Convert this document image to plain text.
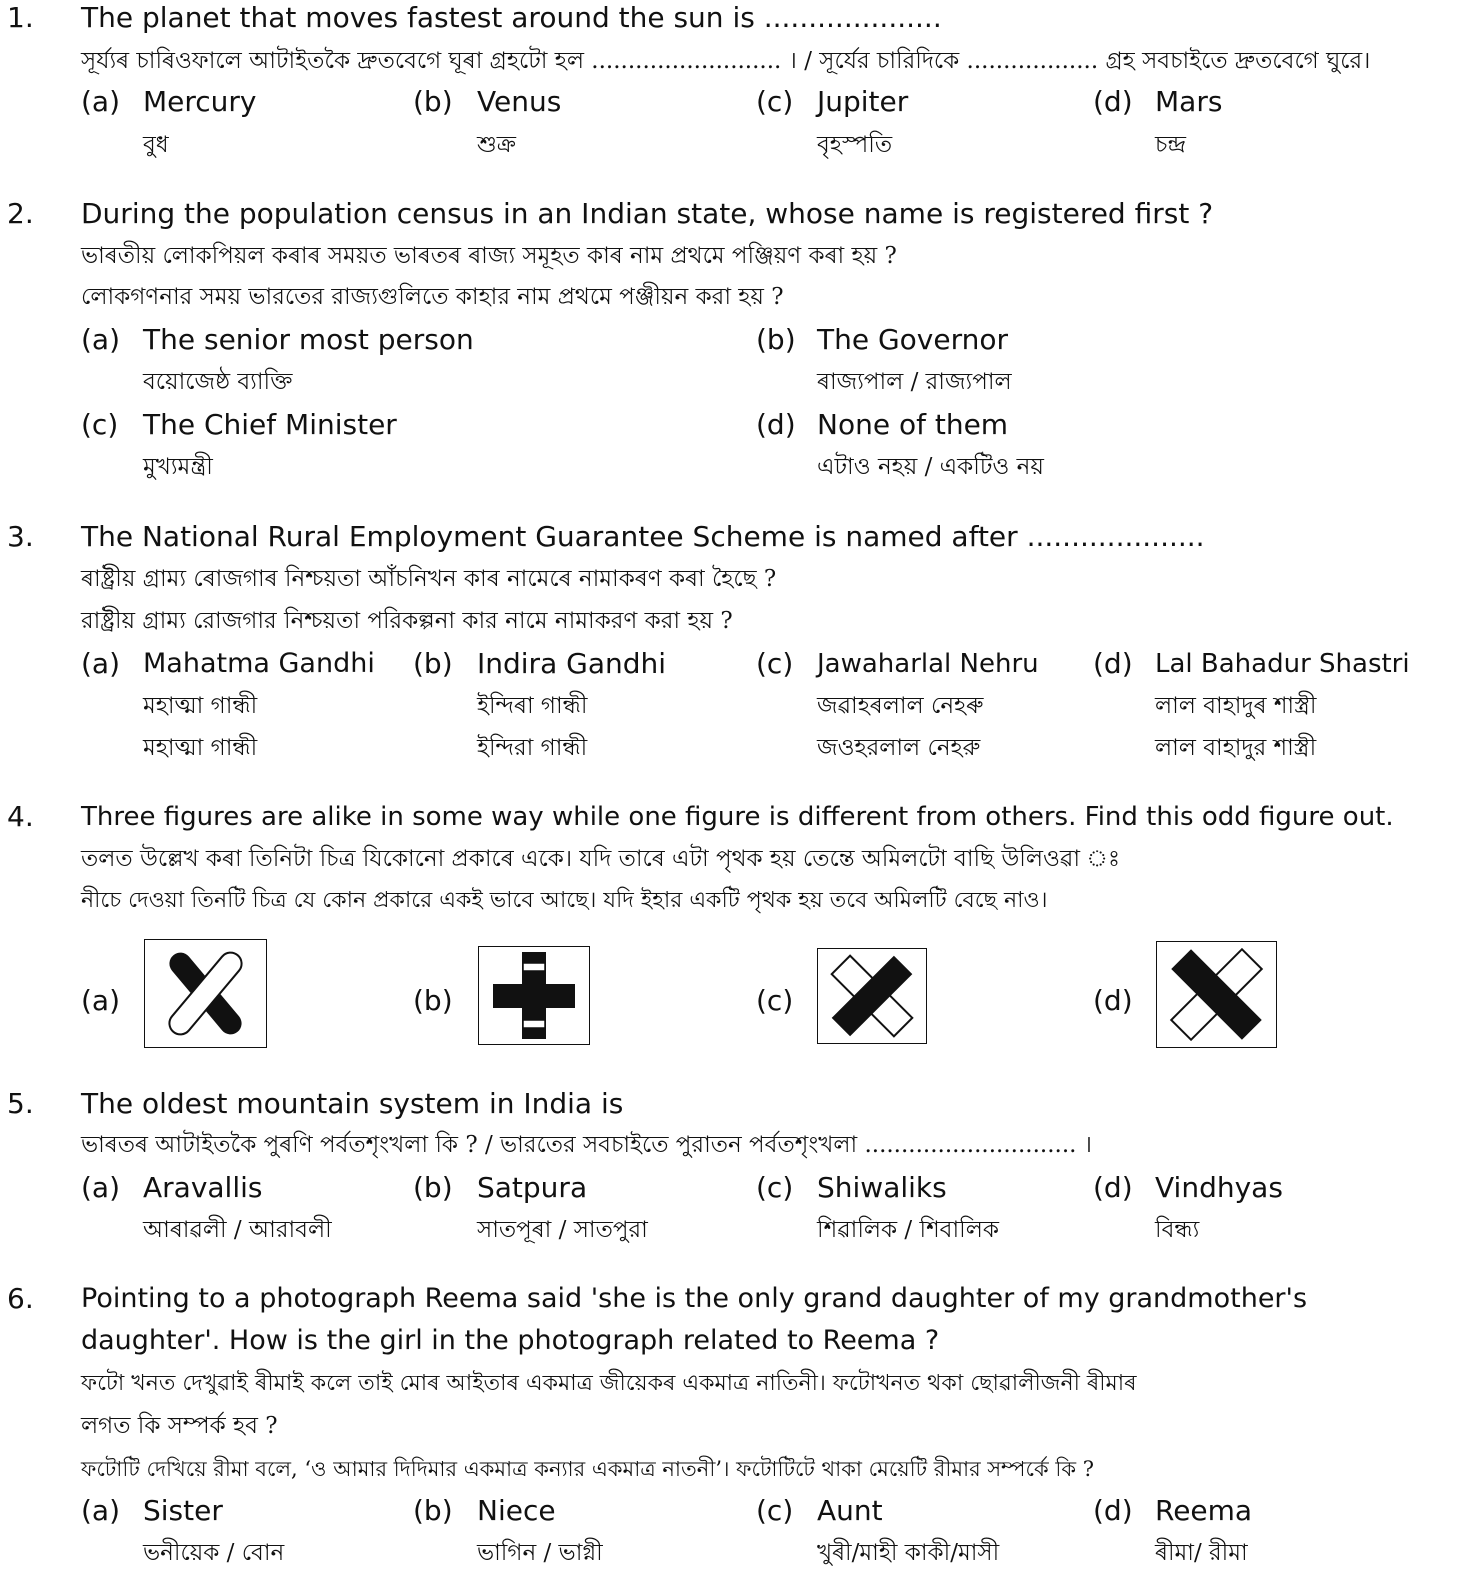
1. The planet that moves fastest around the sun is ....................
সূৰ্য্যৰ চাৰিওফালে আটাইতকৈ দ্ৰুতবেগে ঘূৰা গ্ৰহটো হল .......................... । / সূর্যের চারিদিকে .................. গ্রহ সবচাইতে দ্রুতবেগে ঘুরে।
(a) Mercury
বুধ
(b) Venus
শুক্র
(c) Jupiter
বৃহস্পতি
(d) Mars
চন্দ্র
2. During the population census in an Indian state, whose name is registered first ?
ভাৰতীয় লোকপিয়ল কৰাৰ সময়ত ভাৰতৰ ৰাজ্য সমূহত কাৰ নাম প্ৰথমে পঞ্জিয়ণ কৰা হয় ?
লোকগণনার সময় ভারতের রাজ্যগুলিতে কাহার নাম প্রথমে পঞ্জীয়ন করা হয় ?
(a) The senior most person
বয়োজেষ্ঠ ব্যাক্তি
(b) The Governor
ৰাজ্যপাল / রাজ্যপাল
(c) The Chief Minister
মুখ্যমন্ত্ৰী
(d) None of them
এটাও নহয় / একটিও নয়
3. The National Rural Employment Guarantee Scheme is named after ....................
ৰাষ্ট্ৰীয় গ্ৰাম্য ৰোজগাৰ নিশ্চয়তা আঁচনিখন কাৰ নামেৰে নামাকৰণ কৰা হৈছে ?
রাষ্ট্রীয় গ্রাম্য রোজগার নিশ্চয়তা পরিকল্পনা কার নামে নামাকরণ করা হয় ?
(a) Mahatma Gandhi
মহাত্মা গান্ধী
মহাত্মা গান্ধী
(b) Indira Gandhi
ইন্দিৰা গান্ধী
ইন্দিরা গান্ধী
(c) Jawaharlal Nehru
জৱাহৰলাল নেহৰু
জওহরলাল নেহরু
(d) Lal Bahadur Shastri
লাল বাহাদুৰ শাস্ত্ৰী
লাল বাহাদুর শাস্ত্রী
4. Three figures are alike in some way while one figure is different from others. Find this odd figure out.
তলত উল্লেখ কৰা তিনিটা চিত্ৰ যিকোনো প্ৰকাৰে একে। যদি তাৰে এটা পৃথক হয় তেন্তে অমিলটো বাছি উলিওৱা ঃ
নীচে দেওয়া তিনটি চিত্র যে কোন প্রকারে একই ভাবে আছে। যদি ইহার একটি পৃথক হয় তবে অমিলটি বেছে নাও।
(a)	(b)	(c)	(d)
5. The oldest mountain system in India is
ভাৰতৰ আটাইতকৈ পুৰণি পৰ্বতশৃংখলা কি ? / ভারতের সবচাইতে পুরাতন পর্বতশৃংখলা ............................. ।
(a) Aravallis
আৰাৱলী / আরাবলী
(b) Satpura
সাতপূৰা / সাতপুরা
(c) Shiwaliks
শিৱালিক / শিবালিক
(d) Vindhyas
বিন্ধ্য
6. Pointing to a photograph Reema said 'she is the only grand daughter of my grandmother's
daughter'. How is the girl in the photograph related to Reema ?
ফটো খনত দেখুৱাই ৰীমাই কলে তাই মোৰ আইতাৰ একমাত্ৰ জীয়েকৰ একমাত্ৰ নাতিনী। ফটোখনত থকা ছোৱালীজনী ৰীমাৰ
লগত কি সম্পৰ্ক হব ?
ফটোটি দেখিয়ে রীমা বলে, ‘ও আমার দিদিমার একমাত্র কন্যার একমাত্র নাতনী’। ফটোটিটে থাকা মেয়েটি রীমার সম্পর্কে কি ?
(a) Sister
ভনীয়েক / বোন
(b) Niece
ভাগিন / ভাগ্নী
(c) Aunt
খুৰী/মাহী কাকী/মাসী
(d) Reema
ৰীমা/ রীমা
